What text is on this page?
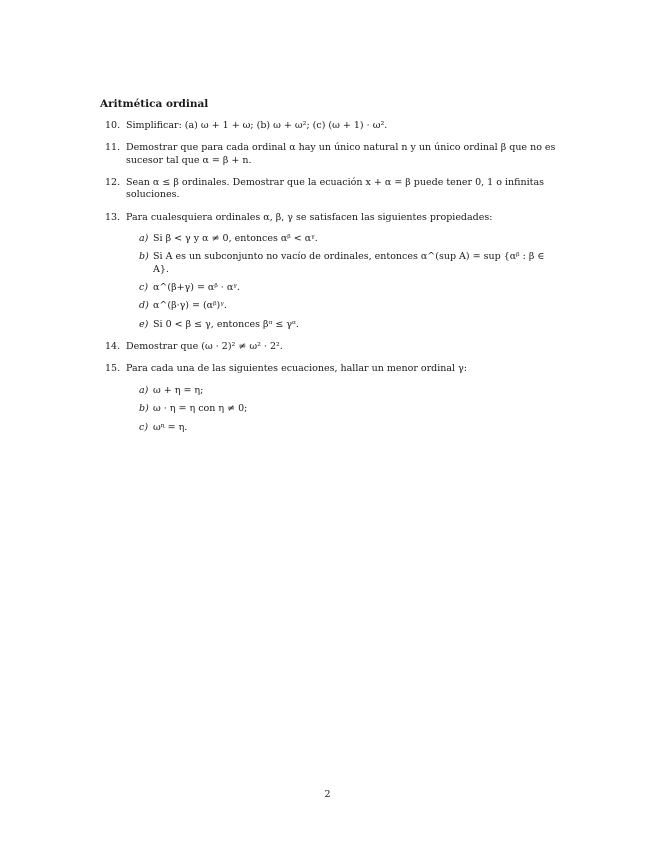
Aritmética ordinal
10. Simplificar: (a) ω + 1 + ω; (b) ω + ω²; (c) (ω + 1) · ω².
11. Demostrar que para cada ordinal α hay un único natural n y un único ordinal β que no es sucesor tal que α = β + n.
12. Sean α ≤ β ordinales. Demostrar que la ecuación x + α = β puede tener 0, 1 o infinitas soluciones.
13. Para cualesquiera ordinales α, β, γ se satisfacen las siguientes propiedades:
a) Si β < γ y α ≠ 0, entonces αᵝ < αᵞ.
b) Si A es un subconjunto no vacío de ordinales, entonces α^(sup A) = sup {αᵝ : β ∈ A}.
c) α^(β+γ) = αᵝ · αᵞ.
d) α^(β·γ) = (αᵝ)ᵞ.
e) Si 0 < β ≤ γ, entonces βᵅ ≤ γᵅ.
14. Demostrar que (ω · 2)² ≠ ω² · 2².
15. Para cada una de las siguientes ecuaciones, hallar un menor ordinal γ:
a) ω + η = η;
b) ω · η = η con η ≠ 0;
c) ωᶯ = η.
2
